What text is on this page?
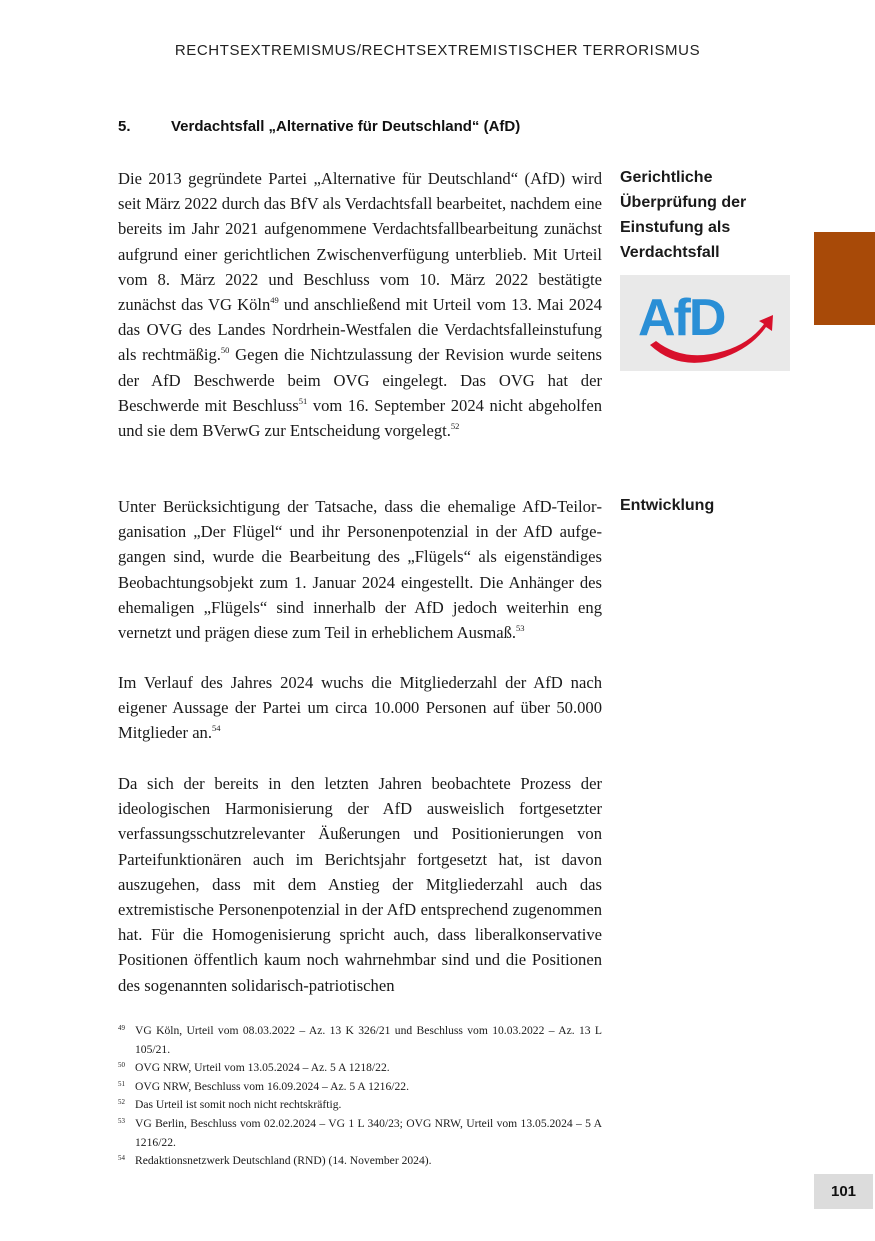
RECHTSEXTREMISMUS/RECHTSEXTREMISTISCHER TERRORISMUS
5.	Verdachtsfall „Alternative für Deutschland“ (AfD)

Die 2013 gegründete Partei „Alternative für Deutschland“ (AfD) wird seit März 2022 durch das BfV als Verdachtsfall bearbeitet, nachdem eine bereits im Jahr 2021 aufgenommene Verdachtsfallbearbeitung zunächst aufgrund einer gerichtlichen Zwischenverfügung unterblieb. Mit Urteil vom 8. März 2022 und Beschluss vom 10. März 2022 bestätigte zunächst das VG Köln$^{49}$ und anschließend mit Urteil vom 13. Mai 2024 das OVG des Landes Nordrhein-Westfalen die Verdachtsfalleinstufung als rechtmäßig.$^{50}$ Gegen die Nichtzulassung der Revision wurde seitens der AfD Beschwerde beim OVG eingelegt. Das OVG hat der Beschwerde mit Beschluss$^{51}$ vom 16. September 2024 nicht abgeholfen und sie dem BVerwG zur Entscheidung vorgelegt.$^{52}$

Unter Berücksichtigung der Tatsache, dass die ehemalige AfD-Teilorganisation „Der Flügel“ und ihr Personenpotenzial in der AfD aufgegangen sind, wurde die Bearbeitung des „Flügels“ als eigenständiges Beobachtungsobjekt zum 1. Januar 2024 eingestellt. Die Anhänger des ehemaligen „Flügels“ sind innerhalb der AfD jedoch weiterhin eng vernetzt und prägen diese zum Teil in erheblichem Ausmaß.$^{53}$

Im Verlauf des Jahres 2024 wuchs die Mitgliederzahl der AfD nach eigener Aussage der Partei um circa 10.000 Personen auf über 50.000 Mitglieder an.$^{54}$

Da sich der bereits in den letzten Jahren beobachtete Prozess der ideologischen Harmonisierung der AfD ausweislich fortgesetzter verfassungsschutzrelevanter Äußerungen und Positionierungen von Parteifunktionären auch im Berichtsjahr fortgesetzt hat, ist davon auszugehen, dass mit dem Anstieg der Mitgliederzahl auch das extremistische Personenpotenzial in der AfD entsprechend zugenommen hat. Für die Homogenisierung spricht auch, dass liberalkonservative Positionen öffentlich kaum noch wahrnehmbar sind und die Positionen des sogenannten solidarisch-patriotischen

Gerichtliche Überprüfung der Einstufung als Verdachtsfall
Entwicklung
AfD
49 VG Köln, Urteil vom 08.03.2022 – Az. 13 K 326/21 und Beschluss vom 10.03.2022 – Az. 13 L 105/21.
50 OVG NRW, Urteil vom 13.05.2024 – Az. 5 A 1218/22.
51 OVG NRW, Beschluss vom 16.09.2024 – Az. 5 A 1216/22.
52 Das Urteil ist somit noch nicht rechtskräftig.
53 VG Berlin, Beschluss vom 02.02.2024 – VG 1 L 340/23; OVG NRW, Urteil vom 13.05.2024 – 5 A 1216/22.
54 Redaktionsnetzwerk Deutschland (RND) (14. November 2024).
101
